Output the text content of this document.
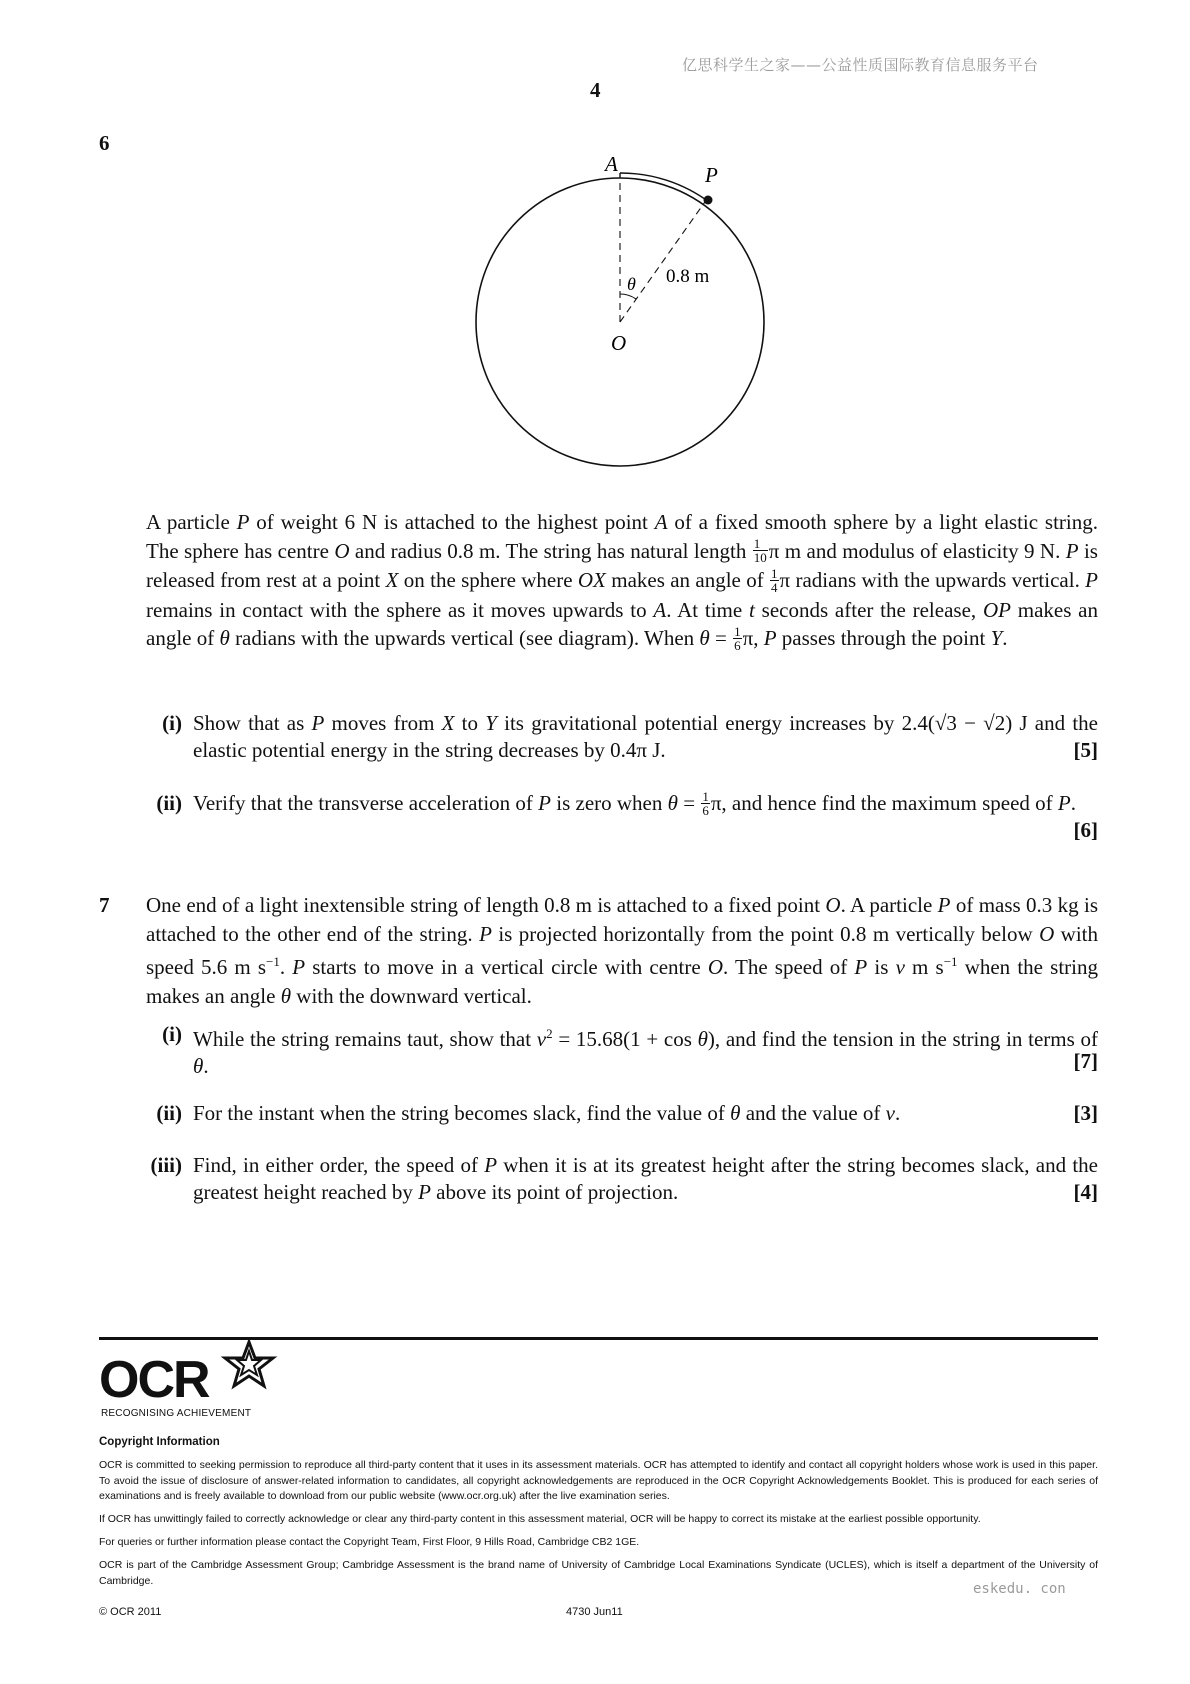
亿思科学生之家——公益性质国际教育信息服务平台
4
6
A	P
O
θ 0.8 m
A particle P of weight 6 N is attached to the highest point A of a fixed smooth sphere by a light elastic string. The sphere has centre O and radius 0.8 m. The string has natural length $\frac{1}{10}$ π m and modulus of elasticity 9 N. P is released from rest at a point X on the sphere where OX makes an angle of $\frac{1}{4}$ π radians with the upwards vertical. P remains in contact with the sphere as it moves upwards to A. At time t seconds after the release, OP makes an angle of θ radians with the upwards vertical (see diagram). When $\theta = \frac{1}{6} \pi$, P passes through the point Y.
(i) Show that as P moves from X to Y its gravitational potential energy increases by 2.4(√3 − √2) J and the elastic potential energy in the string decreases by 0.4π J.	[5]
(ii) Verify that the transverse acceleration of P is zero when $\theta = \frac{1}{6} \pi$, and hence find the maximum speed of P.
[6]
7 One end of a light inextensible string of length 0.8 m is attached to a fixed point O. A particle P of mass 0.3 kg is attached to the other end of the string. P is projected horizontally from the point 0.8 m vertically below O with speed 5.6 m $s^{-1}$. P starts to move in a vertical circle with centre O. The speed of P is v m $s^{-1}$ when the string makes an angle θ with the downward vertical.
(i) While the string remains taut, show that $v^2 = 15.68(1 + \cos \theta)$, and find the tension in the string in terms of θ.	[7]
(ii) For the instant when the string becomes slack, find the value of θ and the value of v.	[3]
(iii) Find, in either order, the speed of P when it is at its greatest height after the string becomes slack, and the greatest height reached by P above its point of projection.	[4]
OCR
RECOGNISING ACHIEVEMENT
Copyright Information
OCR is committed to seeking permission to reproduce all third-party content that it uses in its assessment materials. OCR has attempted to identify and contact all copyright holders whose work is used in this paper. To avoid the issue of disclosure of answer-related information to candidates, all copyright acknowledgements are reproduced in the OCR Copyright Acknowledgements Booklet. This is produced for each series of examinations and is freely available to download from our public website (www.ocr.org.uk) after the live examination series.
If OCR has unwittingly failed to correctly acknowledge or clear any third-party content in this assessment material, OCR will be happy to correct its mistake at the earliest possible opportunity.
For queries or further information please contact the Copyright Team, First Floor, 9 Hills Road, Cambridge CB2 1GE.
OCR is part of the Cambridge Assessment Group; Cambridge Assessment is the brand name of University of Cambridge Local Examinations Syndicate (UCLES), which is itself a department of the University of Cambridge.
eskedu. con
© OCR 2011	4730 Jun11
